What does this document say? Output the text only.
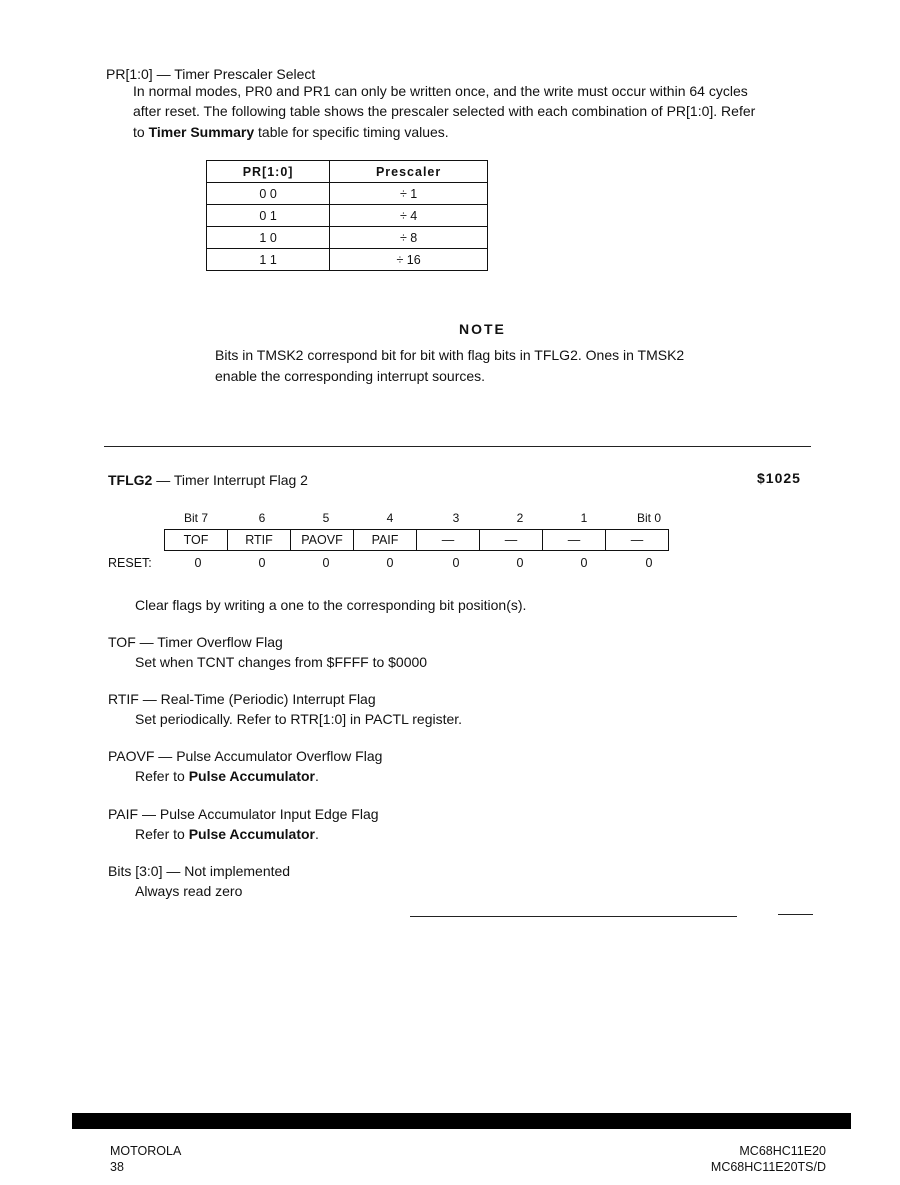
PR[1:0] — Timer Prescaler Select
In normal modes, PR0 and PR1 can only be written once, and the write must occur within 64 cycles
after reset. The following table shows the prescaler selected with each combination of PR[1:0]. Refer
to Timer Summary table for specific timing values.
PR[1:0]	Prescaler
0 0	÷ 1
0 1	÷ 4
1 0	÷ 8
1 1	÷ 16
NOTE
Bits in TMSK2 correspond bit for bit with flag bits in TFLG2. Ones in TMSK2
enable the corresponding interrupt sources.
TFLG2 — Timer Interrupt Flag 2	$1025
Bit 7	6	5	4	3	2	1	Bit 0
TOF	RTIF	PAOVF	PAIF	—	—	—	—
RESET:	0	0	0	0	0	0	0	0
Clear flags by writing a one to the corresponding bit position(s).
TOF — Timer Overflow Flag
Set when TCNT changes from $FFFF to $0000
RTIF — Real-Time (Periodic) Interrupt Flag
Set periodically. Refer to RTR[1:0] in PACTL register.
PAOVF — Pulse Accumulator Overflow Flag
Refer to Pulse Accumulator.
PAIF — Pulse Accumulator Input Edge Flag
Refer to Pulse Accumulator.
Bits [3:0] — Not implemented
Always read zero
MOTOROLA
38
MC68HC11E20
MC68HC11E20TS/D
